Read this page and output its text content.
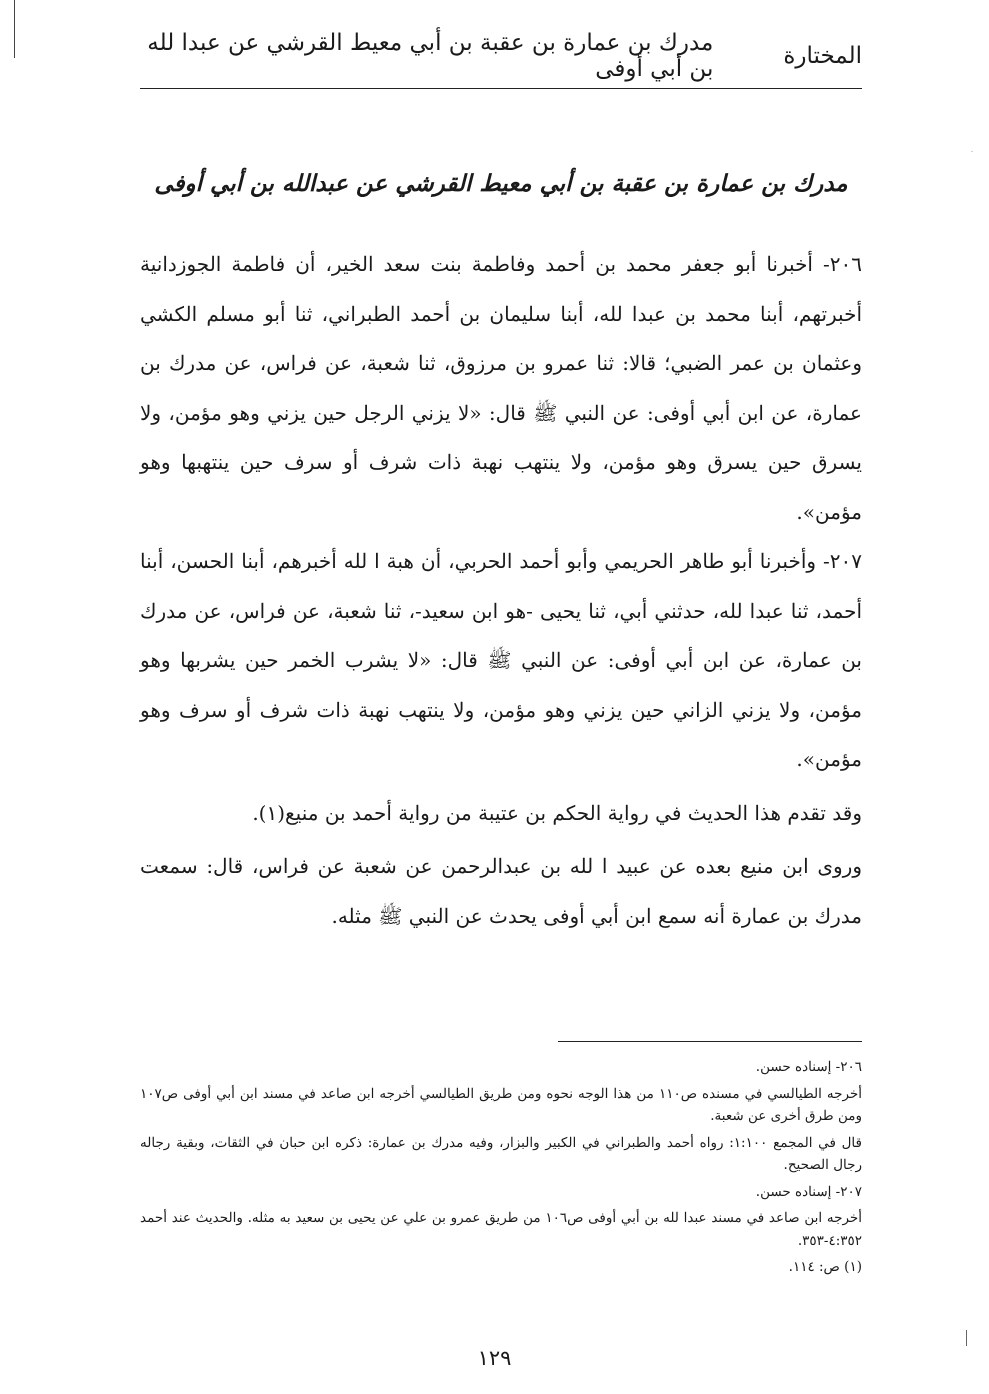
المختارة
مدرك بن عمارة بن عقبة بن أبي معيط القرشي عن عبدا لله بن أبي أوفى
مدرك بن عمارة بن عقبة بن أبي معيط القرشي عن عبدالله بن أبي أوفى

٢٠٦- أخبرنا أبو جعفر محمد بن أحمد وفاطمة بنت سعد الخير، أن فاطمة الجوزدانية أخبرتهم، أبنا محمد بن عبدا لله، أبنا سليمان بن أحمد الطبراني، ثنا أبو مسلم الكشي وعثمان بن عمر الضبي؛ قالا: ثنا عمرو بن مرزوق، ثنا شعبة، عن فراس، عن مدرك بن عمارة، عن ابن أبي أوفى: عن النبي ﷺ قال: «لا يزني الرجل حين يزني وهو مؤمن، ولا يسرق حين يسرق وهو مؤمن، ولا ينتهب نهبة ذات شرف أو سرف حين ينتهبها وهو مؤمن».

٢٠٧- وأخبرنا أبو طاهر الحريمي وأبو أحمد الحربي، أن هبة ا لله أخبرهم، أبنا الحسن، أبنا أحمد، ثنا عبدا لله، حدثني أبي، ثنا يحيى -هو ابن سعيد-، ثنا شعبة، عن فراس، عن مدرك بن عمارة، عن ابن أبي أوفى: عن النبي ﷺ قال: «لا يشرب الخمر حين يشربها وهو مؤمن، ولا يزني الزاني حين يزني وهو مؤمن، ولا ينتهب نهبة ذات شرف أو سرف وهو مؤمن».

وقد تقدم هذا الحديث في رواية الحكم بن عتيبة من رواية أحمد بن منيع(١).

وروى ابن منيع بعده عن عبيد ا لله بن عبدالرحمن عن شعبة عن فراس، قال: سمعت مدرك بن عمارة أنه سمع ابن أبي أوفى يحدث عن النبي ﷺ مثله.

٢٠٦- إسناده حسن.

أخرجه الطيالسي في مسنده ص١١٠ من هذا الوجه نحوه ومن طريق الطيالسي أخرجه ابن صاعد في مسند ابن أبي أوفى ص١٠٧ ومن طرق أخرى عن شعبة.

قال في المجمع ١:١٠٠: رواه أحمد والطبراني في الكبير والبزار، وفيه مدرك بن عمارة: ذكره ابن حبان في الثقات، وبقية رجاله رجال الصحيح.

٢٠٧- إسناده حسن.

أخرجه ابن صاعد في مسند عبدا لله بن أبي أوفى ص١٠٦ من طريق عمرو بن علي عن يحيى بن سعيد به مثله. والحديث عند أحمد ٤:٣٥٢-٣٥٣.

(١) ص: ١١٤.

١٢٩
